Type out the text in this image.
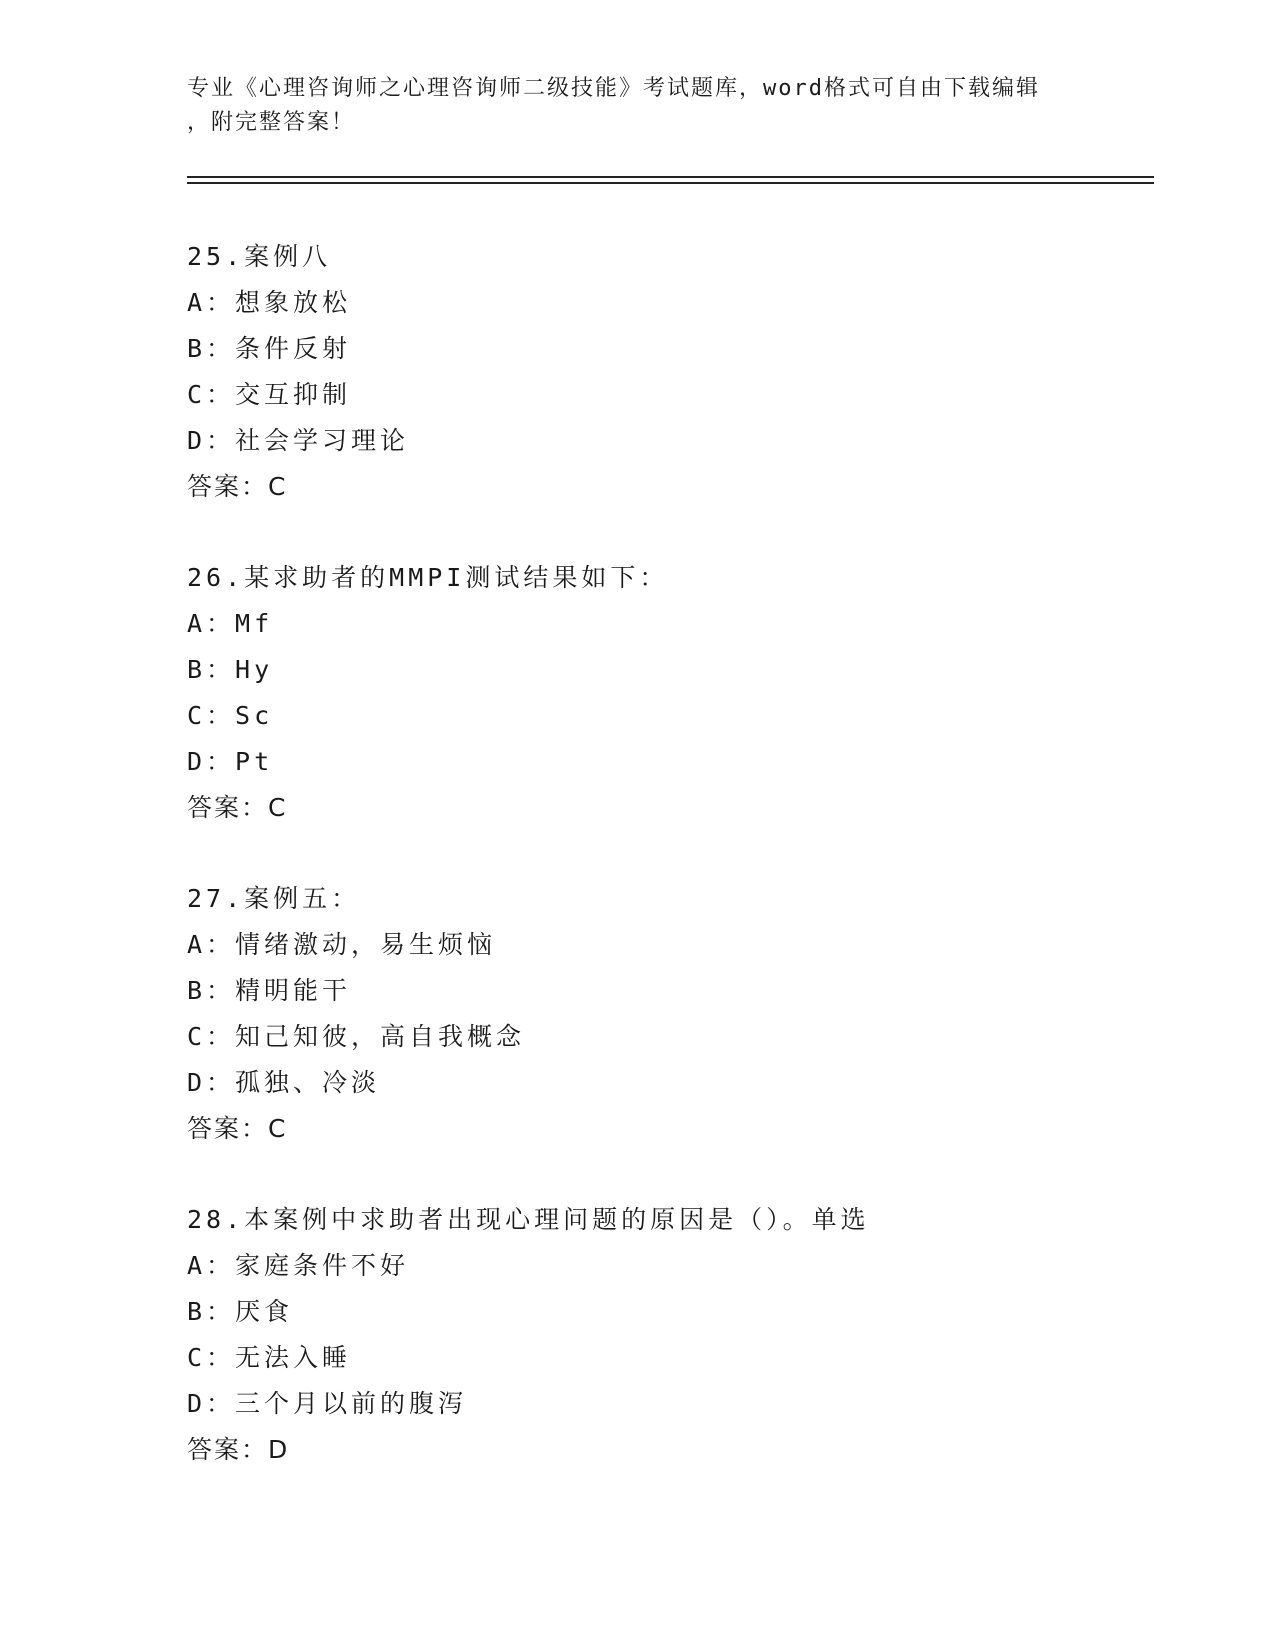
专业《心理咨询师之心理咨询师二级技能》考试题库，word格式可自由下载编辑
，附完整答案！
25.案例八
A：想象放松
B：条件反射
C：交互抑制
D：社会学习理论
答案：C
26.某求助者的MMPI测试结果如下：
A：Mf
B：Hy
C：Sc
D：Pt
答案：C
27.案例五：
A：情绪激动，易生烦恼
B：精明能干
C：知己知彼，高自我概念
D：孤独、冷淡
答案：C
28.本案例中求助者出现心理问题的原因是（）。单选
A：家庭条件不好
B：厌食
C：无法入睡
D：三个月以前的腹泻
答案：D
